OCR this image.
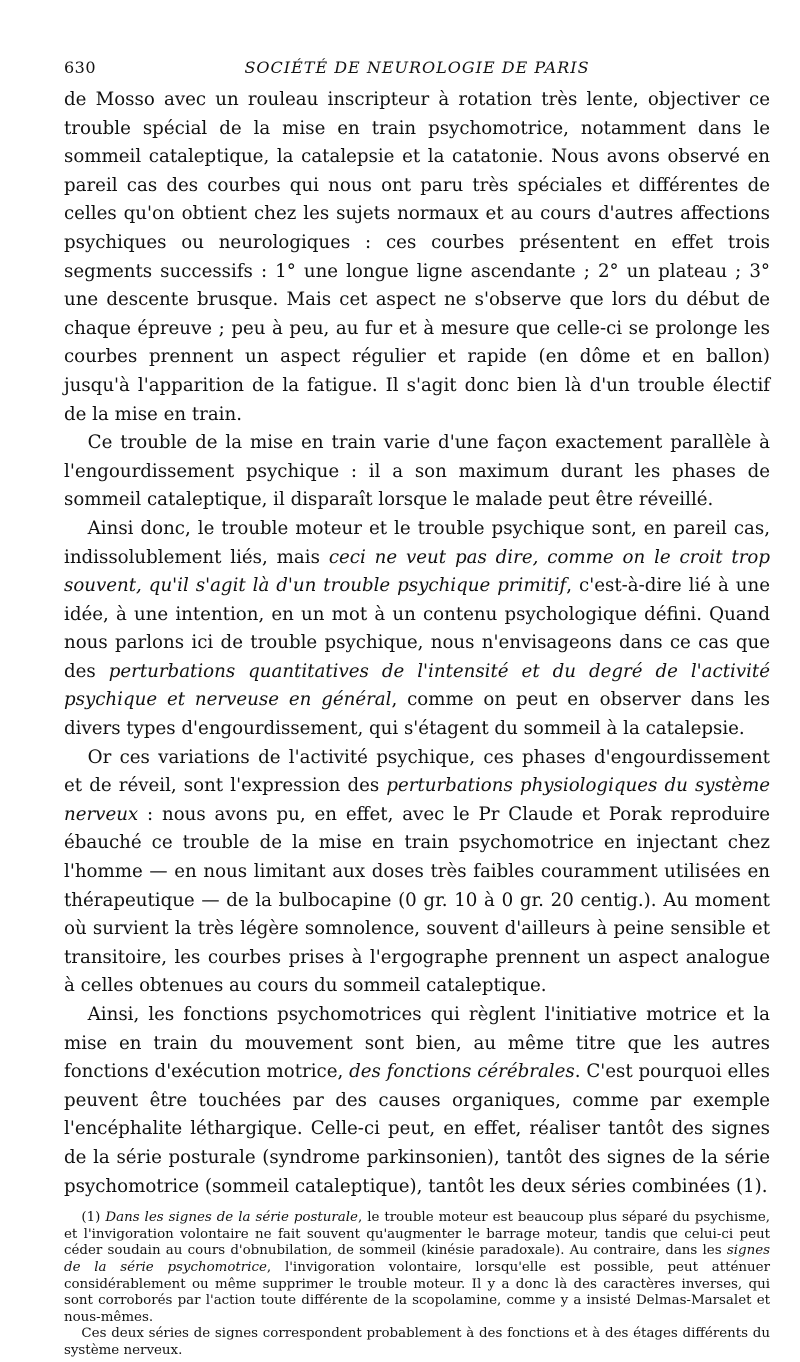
630	SOCIÉTÉ DE NEUROLOGIE DE PARIS

de Mosso avec un rouleau inscripteur à rotation très lente, objectiver ce trouble spécial de la mise en train psychomotrice, notamment dans le sommeil cataleptique, la catalepsie et la catatonie. Nous avons observé en pareil cas des courbes qui nous ont paru très spéciales et différentes de celles qu'on obtient chez les sujets normaux et au cours d'autres affections psychiques ou neurologiques : ces courbes présentent en effet trois segments successifs : 1° une longue ligne ascendante ; 2° un plateau ; 3° une descente brusque. Mais cet aspect ne s'observe que lors du début de chaque épreuve ; peu à peu, au fur et à mesure que celle-ci se prolonge les courbes prennent un aspect régulier et rapide (en dôme et en ballon) jusqu'à l'apparition de la fatigue. Il s'agit donc bien là d'un trouble électif de la mise en train.

Ce trouble de la mise en train varie d'une façon exactement parallèle à l'engourdissement psychique : il a son maximum durant les phases de sommeil cataleptique, il disparaît lorsque le malade peut être réveillé.

Ainsi donc, le trouble moteur et le trouble psychique sont, en pareil cas, indissolublement liés, mais ceci ne veut pas dire, comme on le croit trop souvent, qu'il s'agit là d'un trouble psychique primitif, c'est-à-dire lié à une idée, à une intention, en un mot à un contenu psychologique défini. Quand nous parlons ici de trouble psychique, nous n'envisageons dans ce cas que des perturbations quantitatives de l'intensité et du degré de l'activité psychique et nerveuse en général, comme on peut en observer dans les divers types d'engourdissement, qui s'étagent du sommeil à la catalepsie.

Or ces variations de l'activité psychique, ces phases d'engourdissement et de réveil, sont l'expression des perturbations physiologiques du système nerveux : nous avons pu, en effet, avec le Pr Claude et Porak reproduire ébauché ce trouble de la mise en train psychomotrice en injectant chez l'homme — en nous limitant aux doses très faibles couramment utilisées en thérapeutique — de la bulbocapine (0 gr. 10 à 0 gr. 20 centig.). Au moment où survient la très légère somnolence, souvent d'ailleurs à peine sensible et transitoire, les courbes prises à l'ergographe prennent un aspect analogue à celles obtenues au cours du sommeil cataleptique.

Ainsi, les fonctions psychomotrices qui règlent l'initiative motrice et la mise en train du mouvement sont bien, au même titre que les autres fonctions d'exécution motrice, des fonctions cérébrales. C'est pourquoi elles peuvent être touchées par des causes organiques, comme par exemple l'encéphalite léthargique. Celle-ci peut, en effet, réaliser tantôt des signes de la série posturale (syndrome parkinsonien), tantôt des signes de la série psychomotrice (sommeil cataleptique), tantôt les deux séries combinées (1).

(1) Dans les signes de la série posturale, le trouble moteur est beaucoup plus séparé du psychisme, et l'invigoration volontaire ne fait souvent qu'augmenter le barrage moteur, tandis que celui-ci peut céder soudain au cours d'obnubilation, de sommeil (kinésie paradoxale). Au contraire, dans les signes de la série psychomotrice, l'invigoration volontaire, lorsqu'elle est possible, peut atténuer considérablement ou même supprimer le trouble moteur. Il y a donc là des caractères inverses, qui sont corroborés par l'action toute différente de la scopolamine, comme y a insisté Delmas-Marsalet et nous-mêmes.

Ces deux séries de signes correspondent probablement à des fonctions et à des étages différents du système nerveux.
